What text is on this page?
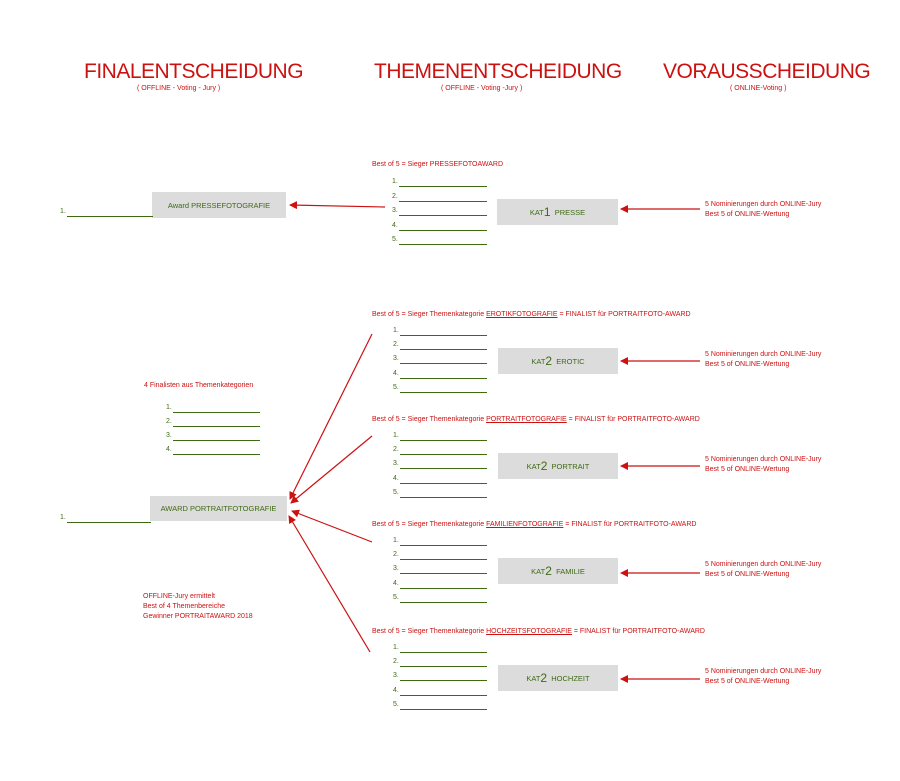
FINALENTSCHEIDUNG
( OFFLINE - Voting - Jury )
THEMENENTSCHEIDUNG
( OFFLINE - Voting -Jury )
VORAUSSCHEIDUNG
( ONLINE-Voting )
Best of 5 = Sieger PRESSEFOTOAWARD
1.
2.
3.
4.
5.
KAT 1
PRESSE
5 Nominierungen durch ONLINE-Jury
Best 5 of ONLINE-Wertung
Award PRESSEFOTOGRAFIE
1.
4 Finalisten aus Themenkategorien
1.
2.
3.
4.
AWARD PORTRAITFOTOGRAFIE
1.
OFFLINE-Jury ermittelt
Best of 4 Themenbereiche
Gewinner PORTRAITAWARD 2018
Best of 5 = Sieger Themenkategorie EROTIKFOTOGRAFIE = FINALIST für PORTRAITFOTO-AWARD
1.
2.
3.
4.
5.
KAT 2
EROTIC
5 Nominierungen durch ONLINE-Jury
Best 5 of ONLINE-Wertung
Best of 5 = Sieger Themenkategorie PORTRAITFOTOGRAFIE = FINALIST für PORTRAITFOTO-AWARD
1.
2.
3.
4.
5.
KAT 2
PORTRAIT
5 Nominierungen durch ONLINE-Jury
Best 5 of ONLINE-Wertung
Best of 5 = Sieger Themenkategorie FAMILIENFOTOGRAFIE = FINALIST für PORTRAITFOTO-AWARD
1.
2.
3.
4.
5.
KAT 2
FAMILIE
5 Nominierungen durch ONLINE-Jury
Best 5 of ONLINE-Wertung
Best of 5 = Sieger Themenkategorie HOCHZEITSFOTOGRAFIE = FINALIST für PORTRAITFOTO-AWARD
1.
2.
3.
4.
5.
KAT 2
HOCHZEIT
5 Nominierungen durch ONLINE-Jury
Best 5 of ONLINE-Wertung
